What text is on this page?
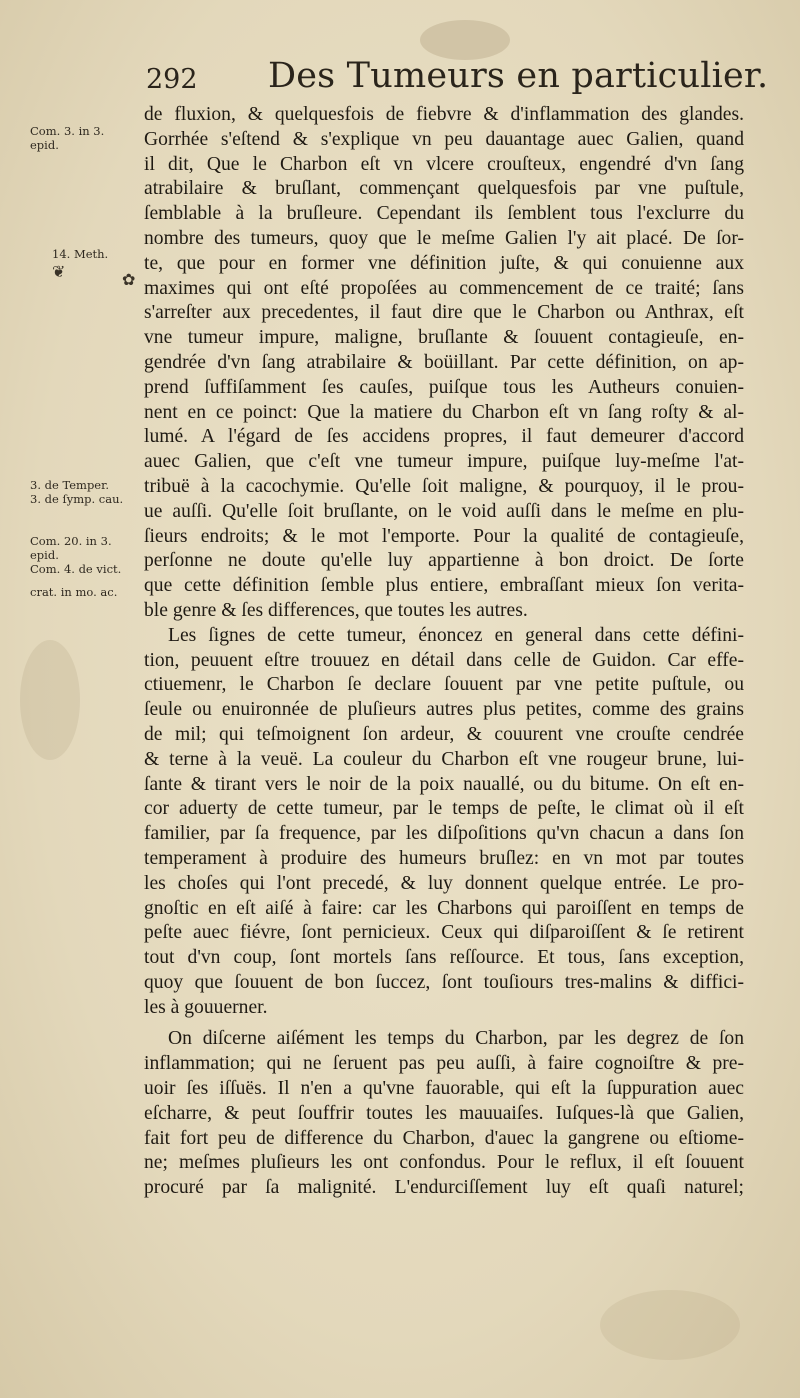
292 Des Tumeurs en particulier.
Com. 3. in 3.
epid.
14. Meth.
❦	✿
3. de Temper.
3. de ſymp. cau.
Com. 20. in 3.
epid.
Com. 4. de vict.
crat. in mo. ac.
de fluxion, & quelquesfois de fiebvre & d'inflammation des glandes.
Gorrhée s'eſtend & s'explique vn peu dauantage auec Galien, quand
il dit, Que le Charbon eſt vn vlcere crouſteux, engendré d'vn ſang
atrabilaire & bruſlant, commençant quelquesfois par vne puſtule,
ſemblable à la bruſleure. Cependant ils ſemblent tous l'exclurre du
nombre des tumeurs, quoy que le meſme Galien l'y ait placé. De ſor-
te, que pour en former vne définition juſte, & qui conuienne aux
maximes qui ont eſté propoſées au commencement de ce traité; ſans
s'arreſter aux precedentes, il faut dire que le Charbon ou Anthrax, eſt
vne tumeur impure, maligne, bruſlante & ſouuent contagieuſe, en-
gendrée d'vn ſang atrabilaire & boüillant. Par cette définition, on ap-
prend ſuffiſamment ſes cauſes, puiſque tous les Autheurs conuien-
nent en ce poinct: Que la matiere du Charbon eſt vn ſang roſty & al-
lumé. A l'égard de ſes accidens propres, il faut demeurer d'accord
auec Galien, que c'eſt vne tumeur impure, puiſque luy-meſme l'at-
tribuë à la cacochymie. Qu'elle ſoit maligne, & pourquoy, il le prou-
ue auſſi. Qu'elle ſoit bruſlante, on le void auſſi dans le meſme en plu-
ſieurs endroits; & le mot l'emporte. Pour la qualité de contagieuſe,
perſonne ne doute qu'elle luy appartienne à bon droict. De ſorte
que cette définition ſemble plus entiere, embraſſant mieux ſon verita-
ble genre & ſes differences, que toutes les autres.
Les ſignes de cette tumeur, énoncez en general dans cette défini-
tion, peuuent eſtre trouuez en détail dans celle de Guidon. Car effe-
ctiuemenr, le Charbon ſe declare ſouuent par vne petite puſtule, ou
ſeule ou enuironnée de pluſieurs autres plus petites, comme des grains
de mil; qui teſmoignent ſon ardeur, & couurent vne crouſte cendrée
& terne à la veuë. La couleur du Charbon eſt vne rougeur brune, lui-
ſante & tirant vers le noir de la poix nauallé, ou du bitume. On eſt en-
cor aduerty de cette tumeur, par le temps de peſte, le climat où il eſt
familier, par ſa frequence, par les diſpoſitions qu'vn chacun a dans ſon
temperament à produire des humeurs bruſlez: en vn mot par toutes
les choſes qui l'ont precedé, & luy donnent quelque entrée. Le pro-
gnoſtic en eſt aiſé à faire: car les Charbons qui paroiſſent en temps de
peſte auec fiévre, ſont pernicieux. Ceux qui diſparoiſſent & ſe retirent
tout d'vn coup, ſont mortels ſans reſſource. Et tous, ſans exception,
quoy que ſouuent de bon ſuccez, ſont touſiours tres-malins & diffici-
les à gouuerner.
On diſcerne aiſément les temps du Charbon, par les degrez de ſon
inflammation; qui ne ſeruent pas peu auſſi, à faire cognoiſtre & pre-
uoir ſes iſſuës. Il n'en a qu'vne fauorable, qui eſt la ſuppuration auec
eſcharre, & peut ſouffrir toutes les mauuaiſes. Iuſques-là que Galien,
fait fort peu de difference du Charbon, d'auec la gangrene ou eſtiome-
ne; meſmes pluſieurs les ont confondus. Pour le reflux, il eſt ſouuent
procuré par ſa malignité. L'endurciſſement luy eſt quaſi naturel;
